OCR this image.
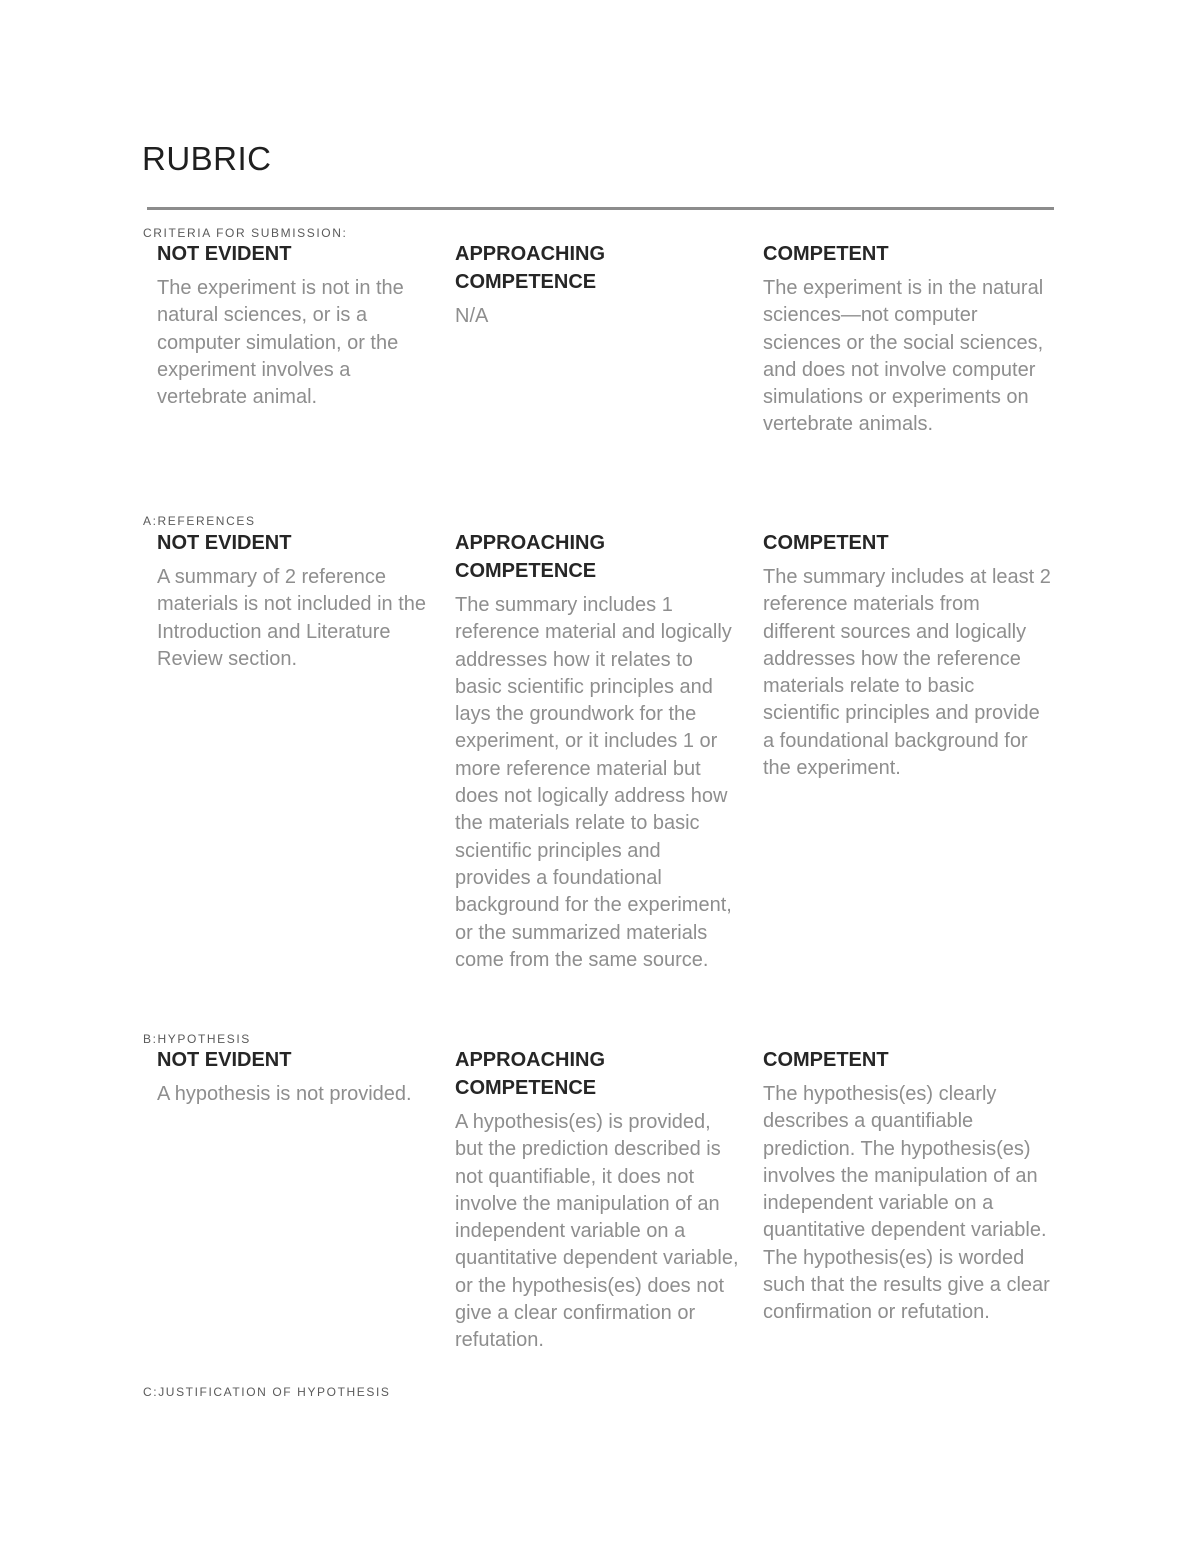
RUBRIC
CRITERIA FOR SUBMISSION:
NOT EVIDENT
The experiment is not in the natural sciences, or is a computer simulation, or the experiment involves a vertebrate animal.
APPROACHING COMPETENCE
N/A
COMPETENT
The experiment is in the natural sciences—not computer sciences or the social sciences, and does not involve computer simulations or experiments on vertebrate animals.
A:REFERENCES
NOT EVIDENT
A summary of 2 reference materials is not included in the Introduction and Literature Review section.
APPROACHING COMPETENCE
The summary includes 1 reference material and logically addresses how it relates to basic scientific principles and lays the groundwork for the experiment, or it includes 1 or more reference material but does not logically address how the materials relate to basic scientific principles and provides a foundational background for the experiment, or the summarized materials come from the same source.
COMPETENT
The summary includes at least 2 reference materials from different sources and logically addresses how the reference materials relate to basic scientific principles and provide a foundational background for the experiment.
B:HYPOTHESIS
NOT EVIDENT
A hypothesis is not provided.
APPROACHING COMPETENCE
A hypothesis(es) is provided, but the prediction described is not quantifiable, it does not involve the manipulation of an independent variable on a quantitative dependent variable, or the hypothesis(es) does not give a clear confirmation or refutation.
COMPETENT
The hypothesis(es) clearly describes a quantifiable prediction. The hypothesis(es) involves the manipulation of an independent variable on a quantitative dependent variable. The hypothesis(es) is worded such that the results give a clear confirmation or refutation.
C:JUSTIFICATION OF HYPOTHESIS
